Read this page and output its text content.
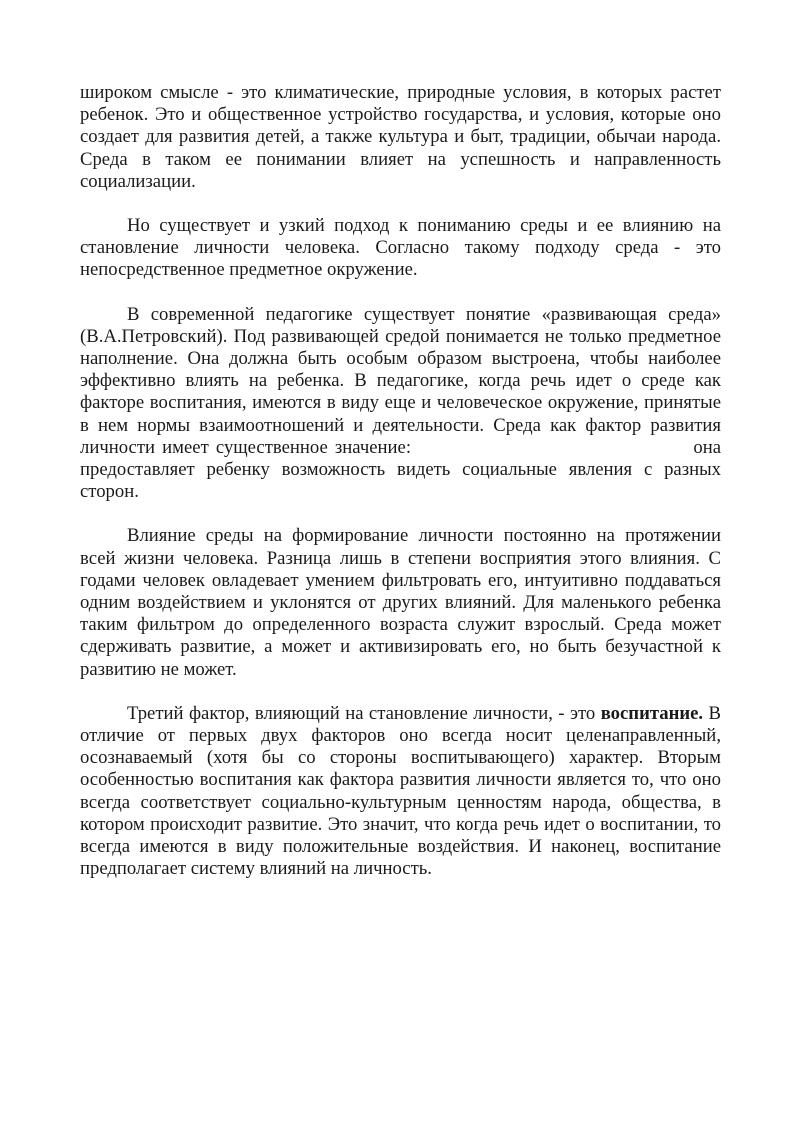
широком смысле - это климатические, природные условия, в которых растет ребенок. Это и общественное устройство государства, и условия, которые оно создает для развития детей, а также культура и быт, традиции, обычаи народа. Среда в таком ее понимании влияет на успешность и направленность социализации.

Но существует и узкий подход к пониманию среды и ее влиянию на становление личности человека. Согласно такому подходу среда - это непосредственное предметное окружение.

В современной педагогике существует понятие «развивающая среда» (В.А.Петровский). Под развивающей средой понимается не только предметное наполнение. Она должна быть особым образом выстроена, чтобы наиболее эффективно влиять на ребенка. В педагогике, когда речь идет о среде как факторе воспитания, имеются в виду еще и человеческое окружение, принятые в нем нормы взаимоотношений и деятельности. Среда как фактор развития личности имеет существенное значение:	она предоставляет ребенку возможность видеть социальные явления с разных сторон.

Влияние среды на формирование личности постоянно на протяжении всей жизни человека. Разница лишь в степени восприятия этого влияния. С годами человек овладевает умением фильтровать его, интуитивно поддаваться одним воздействием и уклонятся от других влияний. Для маленького ребенка таким фильтром до определенного возраста служит взрослый. Среда может сдерживать развитие, а может и активизировать его, но быть безучастной к развитию не может.

Третий фактор, влияющий на становление личности, - это воспитание. В отличие от первых двух факторов оно всегда носит целенаправленный, осознаваемый (хотя бы со стороны воспитывающего) характер. Вторым особенностью воспитания как фактора развития личности является то, что оно всегда соответствует социально-культурным ценностям народа, общества, в котором происходит развитие. Это значит, что когда речь идет о воспитании, то всегда имеются в виду положительные воздействия. И наконец, воспитание предполагает систему влияний на личность.
